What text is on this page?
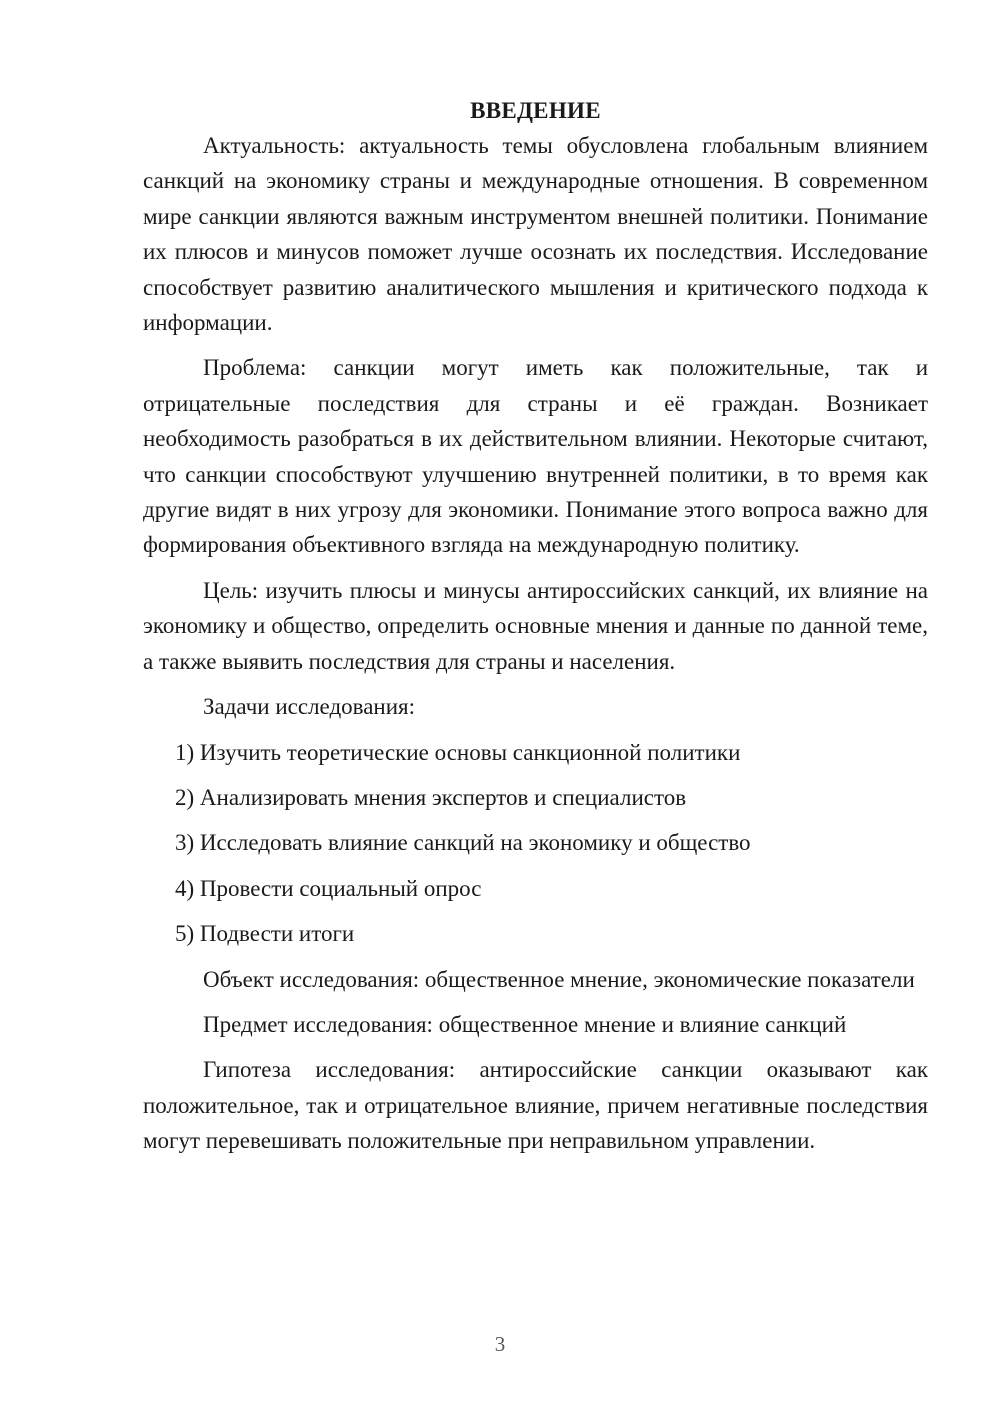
ВВЕДЕНИЕ

Актуальность: актуальность темы обусловлена глобальным влиянием санкций на экономику страны и международные отношения. В современном мире санкции являются важным инструментом внешней политики. Понимание их плюсов и минусов поможет лучше осознать их последствия. Исследование способствует развитию аналитического мышления и критического подхода к информации.

Проблема: санкции могут иметь как положительные, так и отрицательные последствия для страны и её граждан. Возникает необходимость разобраться в их действительном влиянии. Некоторые считают, что санкции способствуют улучшению внутренней политики, в то время как другие видят в них угрозу для экономики. Понимание этого вопроса важно для формирования объективного взгляда на международную политику.

Цель: изучить плюсы и минусы антироссийских санкций, их влияние на экономику и общество, определить основные мнения и данные по данной теме, а также выявить последствия для страны и населения.

Задачи исследования:
1) Изучить теоретические основы санкционной политики
2) Анализировать мнения экспертов и специалистов
3) Исследовать влияние санкций на экономику и общество
4) Провести социальный опрос
5) Подвести итоги

Объект исследования: общественное мнение, экономические показатели

Предмет исследования: общественное мнение и влияние санкций

Гипотеза исследования: антироссийские санкции оказывают как положительное, так и отрицательное влияние, причем негативные последствия могут перевешивать положительные при неправильном управлении.

3
